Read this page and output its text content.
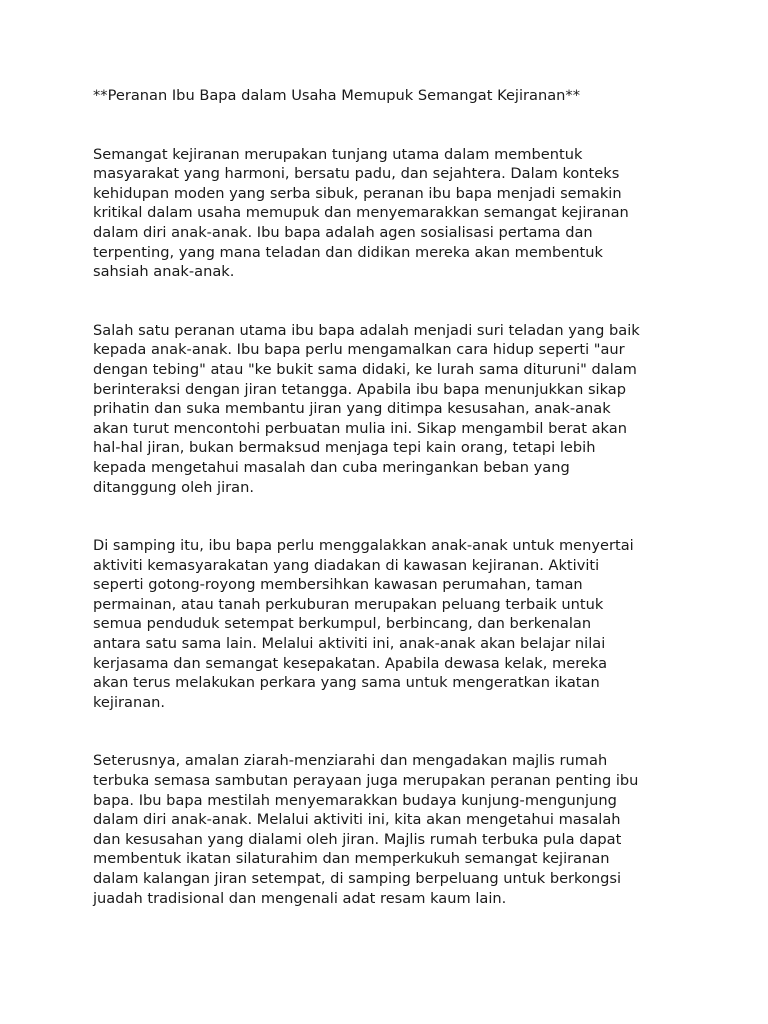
**Peranan Ibu Bapa dalam Usaha Memupuk Semangat Kejiranan**
Semangat kejiranan merupakan tunjang utama dalam membentuk
masyarakat yang harmoni, bersatu padu, dan sejahtera. Dalam konteks
kehidupan moden yang serba sibuk, peranan ibu bapa menjadi semakin
kritikal dalam usaha memupuk dan menyemarakkan semangat kejiranan
dalam diri anak-anak. Ibu bapa adalah agen sosialisasi pertama dan
terpenting, yang mana teladan dan didikan mereka akan membentuk
sahsiah anak-anak.
Salah satu peranan utama ibu bapa adalah menjadi suri teladan yang baik
kepada anak-anak. Ibu bapa perlu mengamalkan cara hidup seperti "aur
dengan tebing" atau "ke bukit sama didaki, ke lurah sama dituruni" dalam
berinteraksi dengan jiran tetangga. Apabila ibu bapa menunjukkan sikap
prihatin dan suka membantu jiran yang ditimpa kesusahan, anak-anak
akan turut mencontohi perbuatan mulia ini. Sikap mengambil berat akan
hal-hal jiran, bukan bermaksud menjaga tepi kain orang, tetapi lebih
kepada mengetahui masalah dan cuba meringankan beban yang
ditanggung oleh jiran.
Di samping itu, ibu bapa perlu menggalakkan anak-anak untuk menyertai
aktiviti kemasyarakatan yang diadakan di kawasan kejiranan. Aktiviti
seperti gotong-royong membersihkan kawasan perumahan, taman
permainan, atau tanah perkuburan merupakan peluang terbaik untuk
semua penduduk setempat berkumpul, berbincang, dan berkenalan
antara satu sama lain. Melalui aktiviti ini, anak-anak akan belajar nilai
kerjasama dan semangat kesepakatan. Apabila dewasa kelak, mereka
akan terus melakukan perkara yang sama untuk mengeratkan ikatan
kejiranan.
Seterusnya, amalan ziarah-menziarahi dan mengadakan majlis rumah
terbuka semasa sambutan perayaan juga merupakan peranan penting ibu
bapa. Ibu bapa mestilah menyemarakkan budaya kunjung-mengunjung
dalam diri anak-anak. Melalui aktiviti ini, kita akan mengetahui masalah
dan kesusahan yang dialami oleh jiran. Majlis rumah terbuka pula dapat
membentuk ikatan silaturahim dan memperkukuh semangat kejiranan
dalam kalangan jiran setempat, di samping berpeluang untuk berkongsi
juadah tradisional dan mengenali adat resam kaum lain.
